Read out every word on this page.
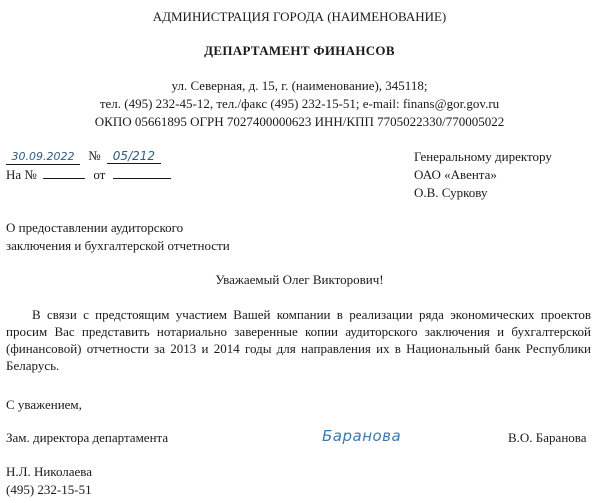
АДМИНИСТРАЦИЯ ГОРОДА (НАИМЕНОВАНИЕ)
ДЕПАРТАМЕНТ ФИНАНСОВ
ул. Северная, д. 15, г. (наименование), 345118;
тел. (495) 232-45-12, тел./факс (495) 232-15-51; e-mail: finans@gor.gov.ru
ОКПО 05661895 ОГРН 7027400000623 ИНН/КПП 7705022330/770005022
30.09.2022 № 05/212
На №	от
Генеральному директору
ОАО «Авента»
О.В. Суркову
О предоставлении аудиторского
заключения и бухгалтерской отчетности
Уважаемый Олег Викторович!
В связи с предстоящим участием Вашей компании в реализации ряда экономических проектов просим Вас представить нотариально заверенные копии аудиторского заключения и бухгалтерской (финансовой) отчетности за 2013 и 2014 годы для направления их в Национальный банк Республики Беларусь.
С уважением,
Зам. директора департамента	Баранова	В.О. Баранова
Н.Л. Николаева
(495) 232-15-51
